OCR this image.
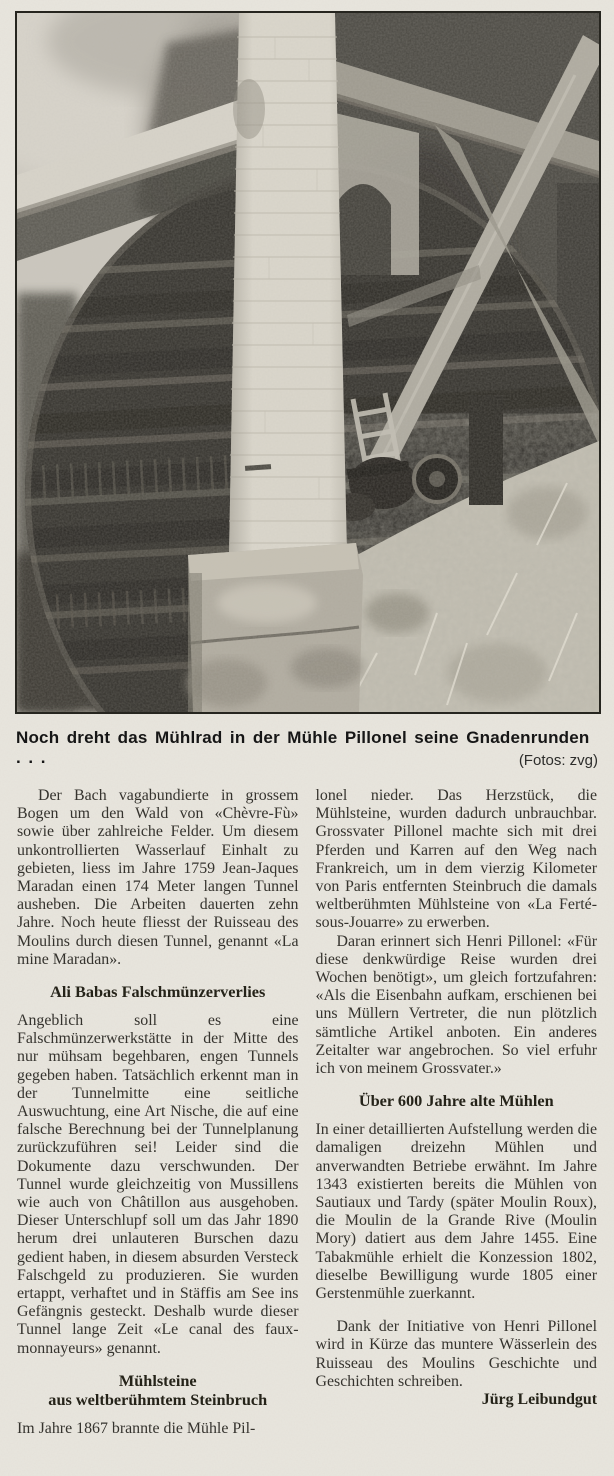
Noch dreht das Mühlrad in der Mühle Pillonel seine Gnadenrunden . . .	(Fotos: zvg)

Der Bach vagabundierte in grossem Bogen um den Wald von «Chèvre-Fù» sowie über zahlreiche Felder. Um diesem unkontrollierten Wasserlauf Einhalt zu gebieten, liess im Jahre 1759 Jean-Jaques Maradan einen 174 Meter langen Tunnel ausheben. Die Arbeiten dauerten zehn Jahre. Noch heute fliesst der Ruisseau des Moulins durch diesen Tunnel, genannt «La mine Maradan».

Ali Babas Falschmünzerverlies

Angeblich soll es eine Falschmünzerwerkstätte in der Mitte des nur mühsam begehbaren, engen Tunnels gegeben haben. Tatsächlich erkennt man in der Tunnelmitte eine seitliche Auswuchtung, eine Art Nische, die auf eine falsche Berechnung bei der Tunnelplanung zurückzuführen sei! Leider sind die Dokumente dazu verschwunden. Der Tunnel wurde gleichzeitig von Mussillens wie auch von Châtillon aus ausgehoben. Dieser Unterschlupf soll um das Jahr 1890 herum drei unlauteren Burschen dazu gedient haben, in diesem absurden Versteck Falschgeld zu produzieren. Sie wurden ertappt, verhaftet und in Stäffis am See ins Gefängnis gesteckt. Deshalb wurde dieser Tunnel lange Zeit «Le canal des faux-monnayeurs» genannt.

Mühlsteine
aus weltberühmtem Steinbruch

Im Jahre 1867 brannte die Mühle Pil-

lonel nieder. Das Herzstück, die Mühlsteine, wurden dadurch unbrauchbar. Grossvater Pillonel machte sich mit drei Pferden und Karren auf den Weg nach Frankreich, um in dem vierzig Kilometer von Paris entfernten Steinbruch die damals weltberühmten Mühlsteine von «La Ferté-sous-Jouarre» zu erwerben.

Daran erinnert sich Henri Pillonel: «Für diese denkwürdige Reise wurden drei Wochen benötigt», um gleich fortzufahren: «Als die Eisenbahn aufkam, erschienen bei uns Müllern Vertreter, die nun plötzlich sämtliche Artikel anboten. Ein anderes Zeitalter war angebrochen. So viel erfuhr ich von meinem Grossvater.»

Über 600 Jahre alte Mühlen

In einer detaillierten Aufstellung werden die damaligen dreizehn Mühlen und anverwandten Betriebe erwähnt. Im Jahre 1343 existierten bereits die Mühlen von Sautiaux und Tardy (später Moulin Roux), die Moulin de la Grande Rive (Moulin Mory) datiert aus dem Jahre 1455. Eine Tabakmühle erhielt die Konzession 1802, dieselbe Bewilligung wurde 1805 einer Gerstenmühle zuerkannt.

Dank der Initiative von Henri Pillonel wird in Kürze das muntere Wässerlein des Ruisseau des Moulins Geschichte und Geschichten schreiben.

Jürg Leibundgut
